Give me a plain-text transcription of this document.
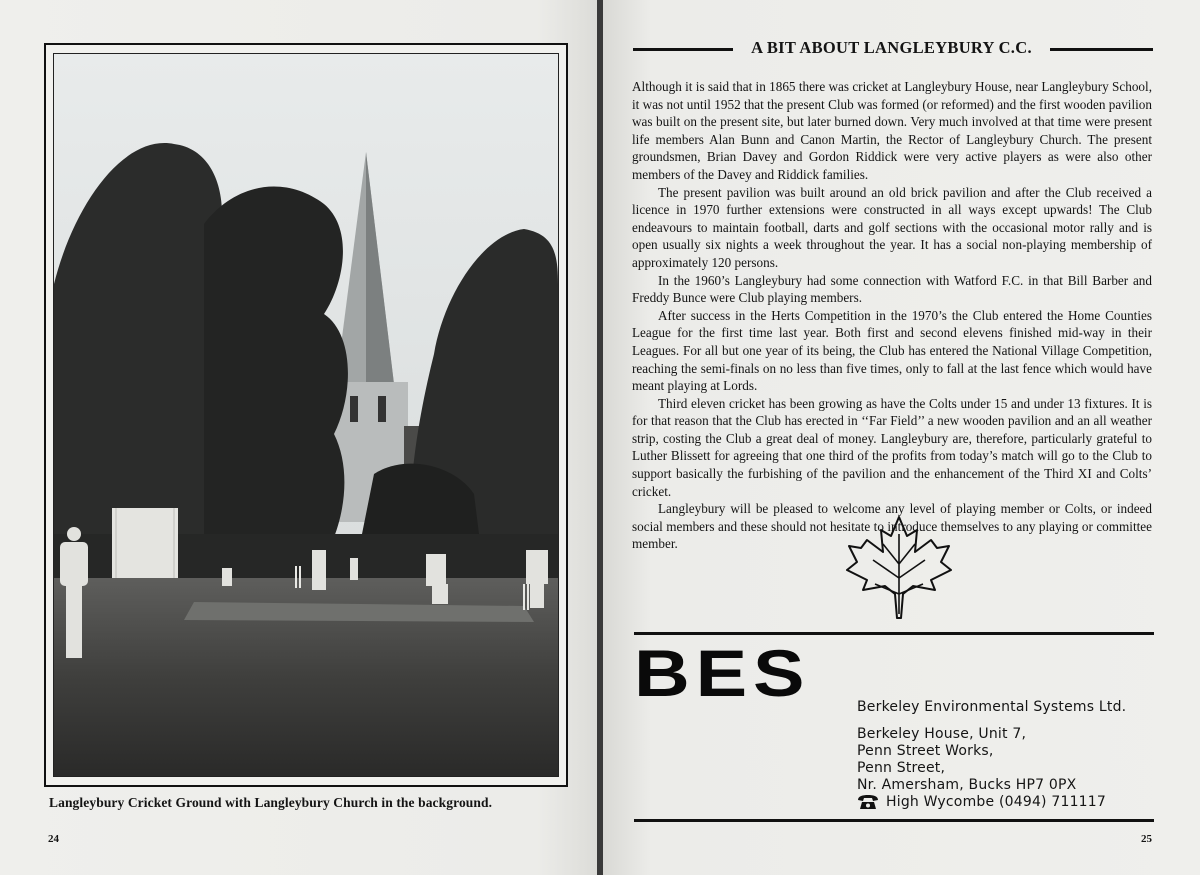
Langleybury Cricket Ground with Langleybury Church in the background.
24
A BIT ABOUT LANGLEYBURY C.C.

Although it is said that in 1865 there was cricket at Langleybury House, near Langleybury School, it was not until 1952 that the present Club was formed (or reformed) and the first wooden pavilion was built on the present site, but later burned down. Very much involved at that time were present life members Alan Bunn and Canon Martin, the Rector of Langleybury Church. The present groundsmen, Brian Davey and Gordon Riddick were very active players as were also other members of the Davey and Riddick families.

The present pavilion was built around an old brick pavilion and after the Club received a licence in 1970 further extensions were constructed in all ways except upwards! The Club endeavours to maintain football, darts and golf sections with the occasional motor rally and is open usually six nights a week throughout the year. It has a social non-playing membership of approximately 120 persons.

In the 1960’s Langleybury had some connection with Watford F.C. in that Bill Barber and Freddy Bunce were Club playing members.

After success in the Herts Competition in the 1970’s the Club entered the Home Counties League for the first time last year. Both first and second elevens finished mid-way in their Leagues. For all but one year of its being, the Club has entered the National Village Competition, reaching the semi-finals on no less than five times, only to fall at the last fence which would have meant playing at Lords.

Third eleven cricket has been growing as have the Colts under 15 and under 13 fixtures. It is for that reason that the Club has erected in ‘‘Far Field’’ a new wooden pavilion and an all weather strip, costing the Club a great deal of money. Langleybury are, therefore, particularly grateful to Luther Blissett for agreeing that one third of the profits from today’s match will go to the Club to support basically the furbishing of the pavilion and the enhancement of the Third XI and Colts’ cricket.

Langleybury will be pleased to welcome any level of playing member or Colts, or indeed social members and these should not hesitate to introduce themselves to any playing or committee member.

BES	Berkeley Environmental Systems Ltd.
Berkeley House, Unit 7,
Penn Street Works,
Penn Street,
Nr. Amersham, Bucks HP7 0PX
High Wycombe (0494) 711117
25
